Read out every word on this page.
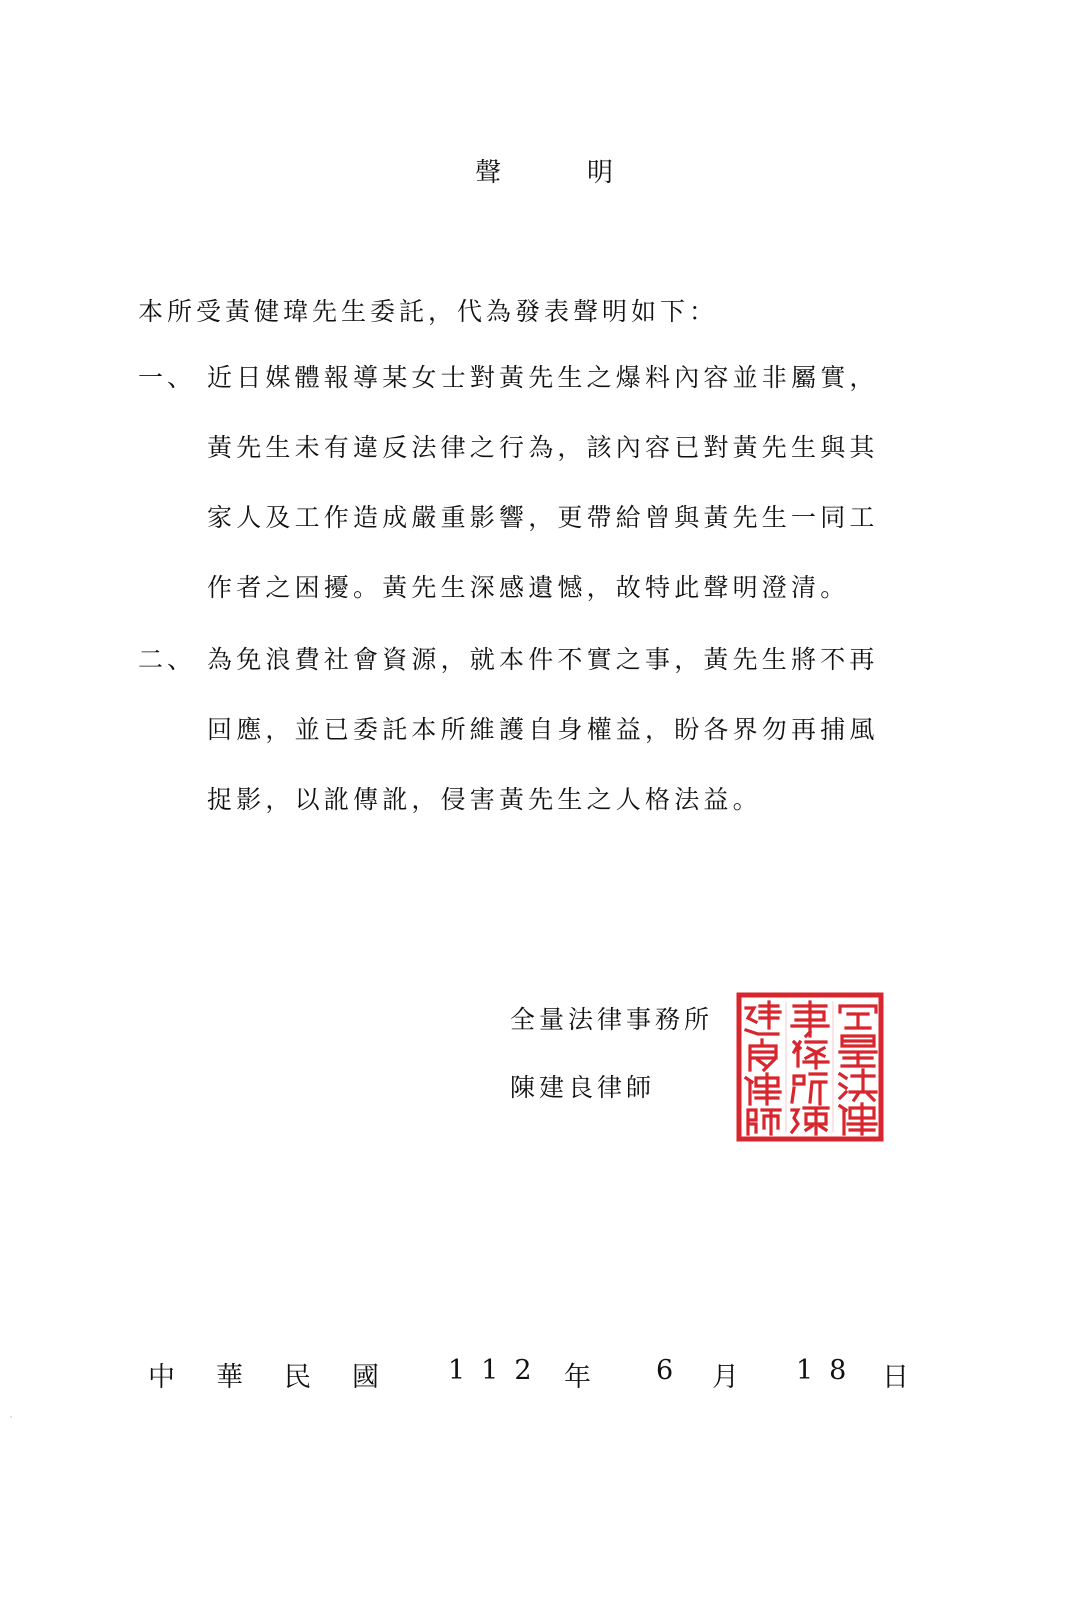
聲　明
本所受黃健瑋先生委託，代為發表聲明如下：
一、 近日媒體報導某女士對黃先生之爆料內容並非屬實，
黃先生未有違反法律之行為，該內容已對黃先生與其
家人及工作造成嚴重影響，更帶給曾與黃先生一同工
作者之困擾。黃先生深感遺憾，故特此聲明澄清。
二、 為免浪費社會資源，就本件不實之事，黃先生將不再
回應，並已委託本所維護自身權益，盼各界勿再捕風
捉影，以訛傳訛，侵害黃先生之人格法益。
全量法律事務所
陳建良律師
中 華 民 國	112 年 6 月 18 日
